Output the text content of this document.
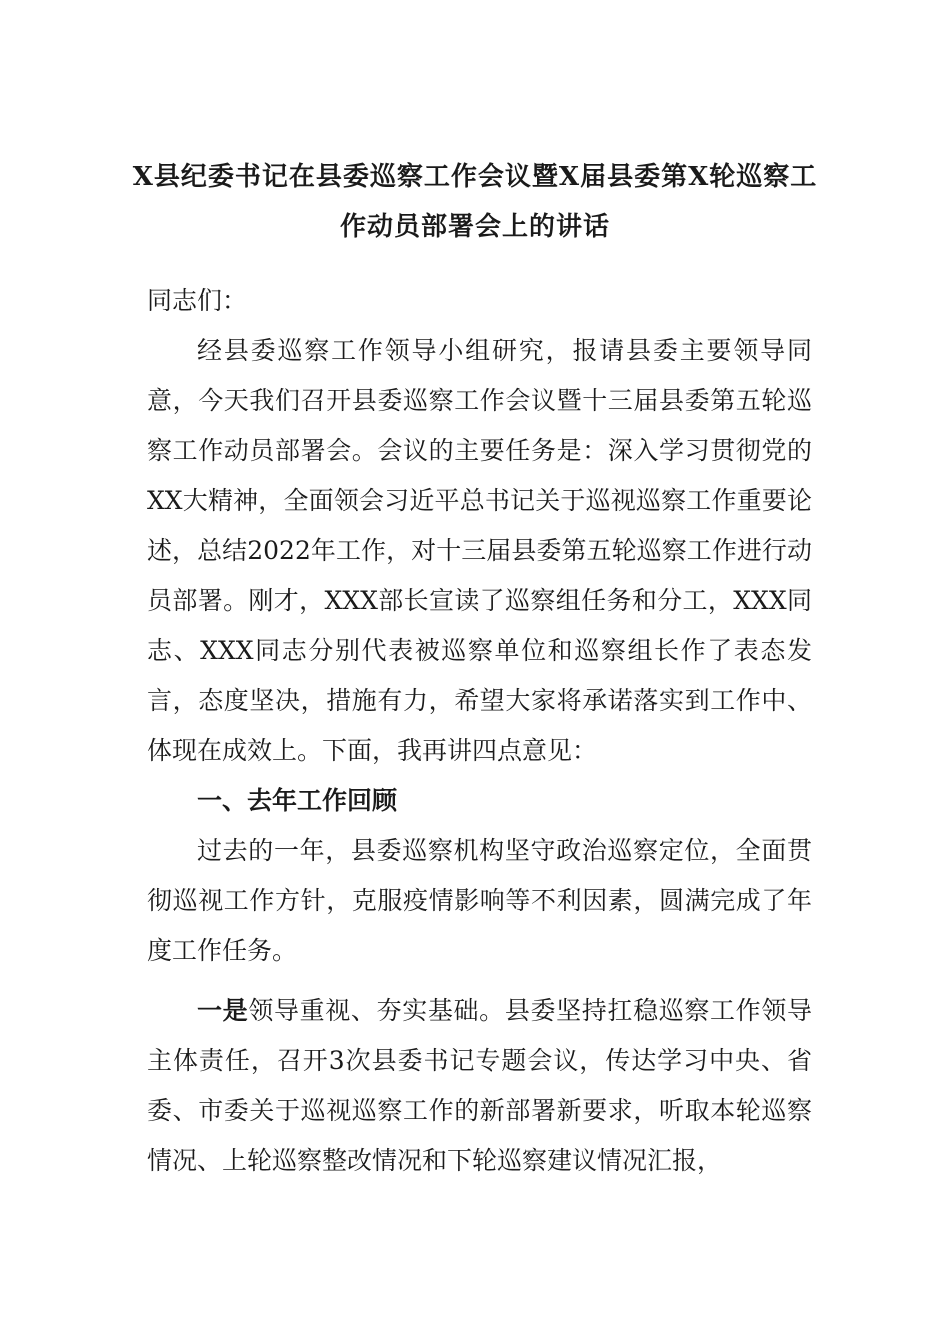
X县纪委书记在县委巡察工作会议暨X届县委第X轮巡察工作动员部署会上的讲话

同志们：

经县委巡察工作领导小组研究，报请县委主要领导同意，今天我们召开县委巡察工作会议暨十三届县委第五轮巡察工作动员部署会。会议的主要任务是：深入学习贯彻党的XX大精神，全面领会习近平总书记关于巡视巡察工作重要论述，总结2022年工作，对十三届县委第五轮巡察工作进行动员部署。刚才，XXX部长宣读了巡察组任务和分工，XXX同志、XXX同志分别代表被巡察单位和巡察组长作了表态发言，态度坚决，措施有力，希望大家将承诺落实到工作中、体现在成效上。下面，我再讲四点意见：

一、去年工作回顾

过去的一年，县委巡察机构坚守政治巡察定位，全面贯彻巡视工作方针，克服疫情影响等不利因素，圆满完成了年度工作任务。

一是领导重视、夯实基础。县委坚持扛稳巡察工作领导主体责任，召开3次县委书记专题会议，传达学习中央、省委、市委关于巡视巡察工作的新部署新要求，听取本轮巡察情况、上轮巡察整改情况和下轮巡察建议情况汇报，
